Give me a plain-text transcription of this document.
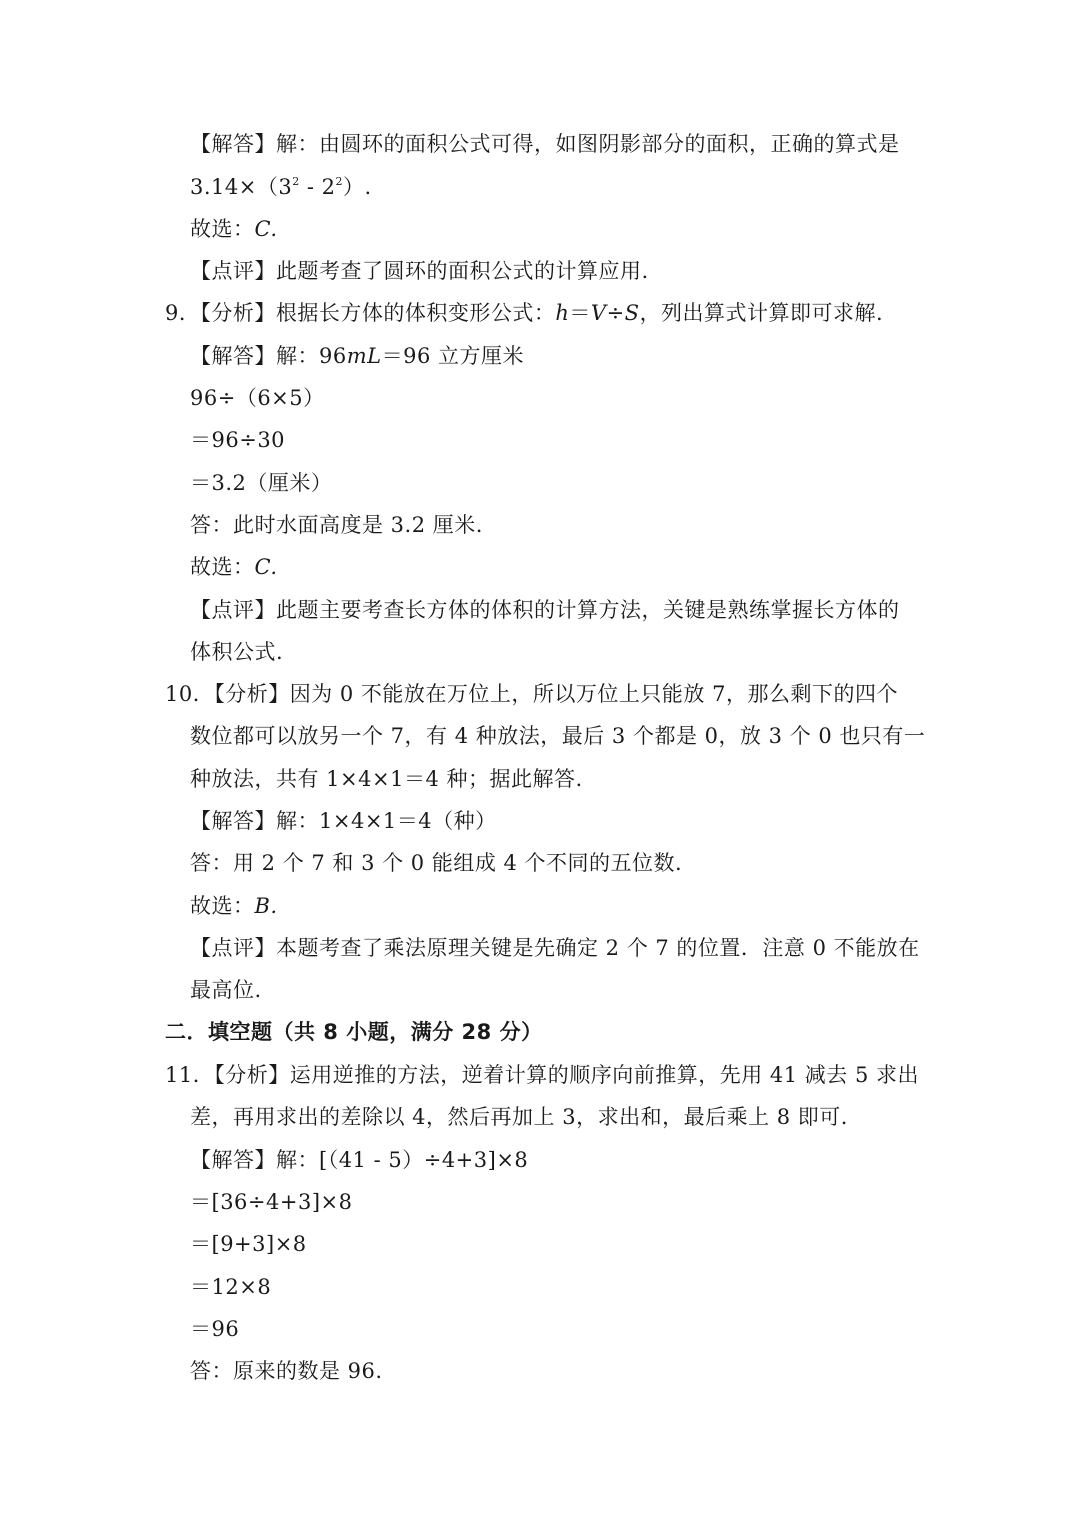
【解答】解：由圆环的面积公式可得，如图阴影部分的面积，正确的算式是
$3.14\times(3^2 - 2^2)$.
故选：C.
【点评】此题考查了圆环的面积公式的计算应用.
9．【分析】根据长方体的体积变形公式：h＝V÷S，列出算式计算即可求解.
【解答】解：96mL＝96 立方厘米
96÷（6×5）
＝96÷30
＝3.2（厘米）
答：此时水面高度是 3.2 厘米.
故选：C.
【点评】此题主要考查长方体的体积的计算方法，关键是熟练掌握长方体的
体积公式.
10．【分析】因为 0 不能放在万位上，所以万位上只能放 7，那么剩下的四个
数位都可以放另一个 7，有 4 种放法，最后 3 个都是 0，放 3 个 0 也只有一
种放法，共有 1×4×1＝4 种；据此解答.
【解答】解：1×4×1＝4（种）
答：用 2 个 7 和 3 个 0 能组成 4 个不同的五位数.
故选：B.
【点评】本题考查了乘法原理关键是先确定 2 个 7 的位置．注意 0 不能放在
最高位.
二．填空题（共 8 小题，满分 28 分）
11．【分析】运用逆推的方法，逆着计算的顺序向前推算，先用 41 减去 5 求出
差，再用求出的差除以 4，然后再加上 3，求出和，最后乘上 8 即可.
【解答】解：[（41 - 5）÷4+3]×8
＝[36÷4+3]×8
＝[9+3]×8
＝12×8
＝96
答：原来的数是 96.
